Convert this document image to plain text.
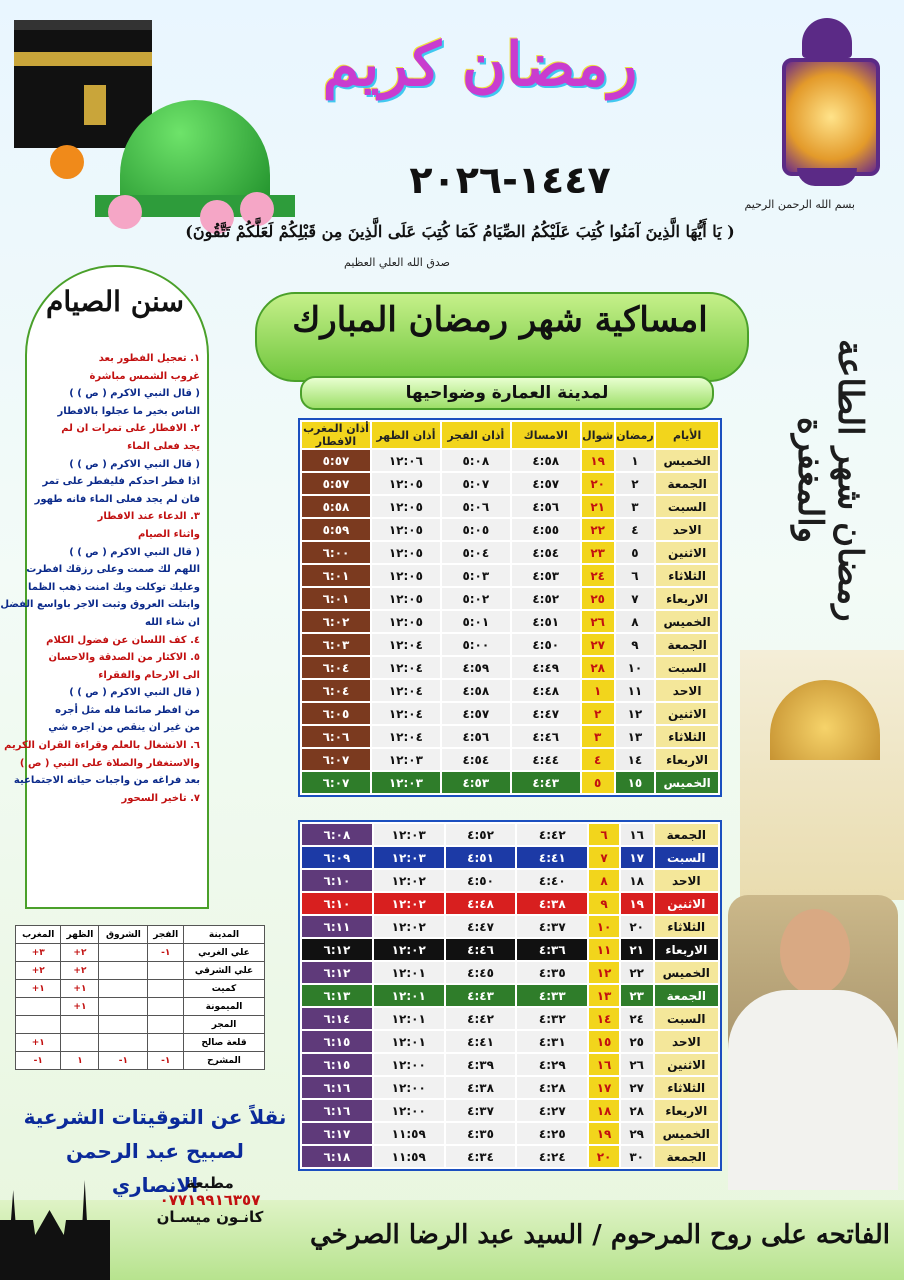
رمضان كريم
١٤٤٧-٢٠٢٦
بسم الله الرحمن الرحيم
( يَا أَيُّهَا الَّذِينَ آمَنُوا كُتِبَ عَلَيْكُمُ الصِّيَامُ كَمَا كُتِبَ عَلَى الَّذِينَ مِن قَبْلِكُمْ لَعَلَّكُمْ تَتَّقُونَ)
صدق الله العلي العظيم
رمضان شهر الطاعة والمغفرة
امساكية شهر رمضان المبارك
لمدينة العمارة وضواحيها
الأيام	رمضان	شوال	الامساك	أذان الفجر	أذان الظهر	أذان المغرب الافطار
الخميس	١	١٩	٤:٥٨	٥:٠٨	١٢:٠٦	٥:٥٧
الجمعة	٢	٢٠	٤:٥٧	٥:٠٧	١٢:٠٥	٥:٥٧
السبت	٣	٢١	٤:٥٦	٥:٠٦	١٢:٠٥	٥:٥٨
الاحد	٤	٢٢	٤:٥٥	٥:٠٥	١٢:٠٥	٥:٥٩
الاثنين	٥	٢٣	٤:٥٤	٥:٠٤	١٢:٠٥	٦:٠٠
الثلاثاء	٦	٢٤	٤:٥٣	٥:٠٣	١٢:٠٥	٦:٠١
الاربعاء	٧	٢٥	٤:٥٢	٥:٠٢	١٢:٠٥	٦:٠١
الخميس	٨	٢٦	٤:٥١	٥:٠١	١٢:٠٥	٦:٠٢
الجمعة	٩	٢٧	٤:٥٠	٥:٠٠	١٢:٠٤	٦:٠٣
السبت	١٠	٢٨	٤:٤٩	٤:٥٩	١٢:٠٤	٦:٠٤
الاحد	١١	١	٤:٤٨	٤:٥٨	١٢:٠٤	٦:٠٤
الاثنين	١٢	٢	٤:٤٧	٤:٥٧	١٢:٠٤	٦:٠٥
الثلاثاء	١٣	٣	٤:٤٦	٤:٥٦	١٢:٠٤	٦:٠٦
الاربعاء	١٤	٤	٤:٤٤	٤:٥٤	١٢:٠٣	٦:٠٧
الخميس	١٥	٥	٤:٤٣	٤:٥٣	١٢:٠٣	٦:٠٧
الجمعة	١٦	٦	٤:٤٢	٤:٥٢	١٢:٠٣	٦:٠٨
السبت	١٧	٧	٤:٤١	٤:٥١	١٢:٠٣	٦:٠٩
الاحد	١٨	٨	٤:٤٠	٤:٥٠	١٢:٠٢	٦:١٠
الاثنين	١٩	٩	٤:٣٨	٤:٤٨	١٢:٠٢	٦:١٠
الثلاثاء	٢٠	١٠	٤:٣٧	٤:٤٧	١٢:٠٢	٦:١١
الاربعاء	٢١	١١	٤:٣٦	٤:٤٦	١٢:٠٢	٦:١٢
الخميس	٢٢	١٢	٤:٣٥	٤:٤٥	١٢:٠١	٦:١٢
الجمعة	٢٣	١٣	٤:٣٣	٤:٤٣	١٢:٠١	٦:١٣
السبت	٢٤	١٤	٤:٣٢	٤:٤٢	١٢:٠١	٦:١٤
الاحد	٢٥	١٥	٤:٣١	٤:٤١	١٢:٠١	٦:١٥
الاثنين	٢٦	١٦	٤:٢٩	٤:٣٩	١٢:٠٠	٦:١٥
الثلاثاء	٢٧	١٧	٤:٢٨	٤:٣٨	١٢:٠٠	٦:١٦
الاربعاء	٢٨	١٨	٤:٢٧	٤:٣٧	١٢:٠٠	٦:١٦
الخميس	٢٩	١٩	٤:٢٥	٤:٣٥	١١:٥٩	٦:١٧
الجمعة	٣٠	٢٠	٤:٢٤	٤:٣٤	١١:٥٩	٦:١٨
سنن الصيام
١. تعجيل الفطور بعد
غروب الشمس مباشرة
( قال النبي الاكرم ( ص ) )
الناس بخير ما عجلوا بالافطار
٢. الافطار على تمرات ان لم
يجد فعلى الماء
( قال النبي الاكرم ( ص ) )
اذا فطر احدكم فليفطر على تمر
فان لم يجد فعلى الماء فانه طهور
٣. الدعاء عند الافطار
واثناء الصيام
( قال النبي الاكرم ( ص ) )
اللهم لك صمت وعلى رزقك افطرت
وعليك توكلت وبك امنت ذهب الظما
وابتلت العروق وثبت الاجر باواسع الفضل
ان شاء الله
٤. كف اللسان عن فضول الكلام
٥. الاكثار من الصدقة والاحسان
الى الارحام والفقراء
( قال النبي الاكرم ( ص ) )
من افطر صائما فله مثل أجره
من غير ان ينقص من اجره شي
٦. الانشغال بالعلم وقراءة القران الكريم
والاستغفار والصلاة على النبي ( ص )
بعد فراغه من واجبات حياته الاجتماعية
٧. تاخير السحور
المدينة	الفجر	الشروق	الظهر	المغرب
علي الغربي	١-		٢+	٣+
علي الشرقي			٢+	٢+
كميت			١+	١+
الميمونة			١+	
المجر				
قلعة صالح				١+
المشرح	١-	١-	١	١-
نقلاً عن التوقيتات الشرعية
لصبيح عبد الرحمن الانصاري
مطبعة
٠٧٧١٩٩١٦٣٥٧
كانـون ميسـان
الفاتحه على روح المرحوم / السيد عبد الرضا الصرخي
